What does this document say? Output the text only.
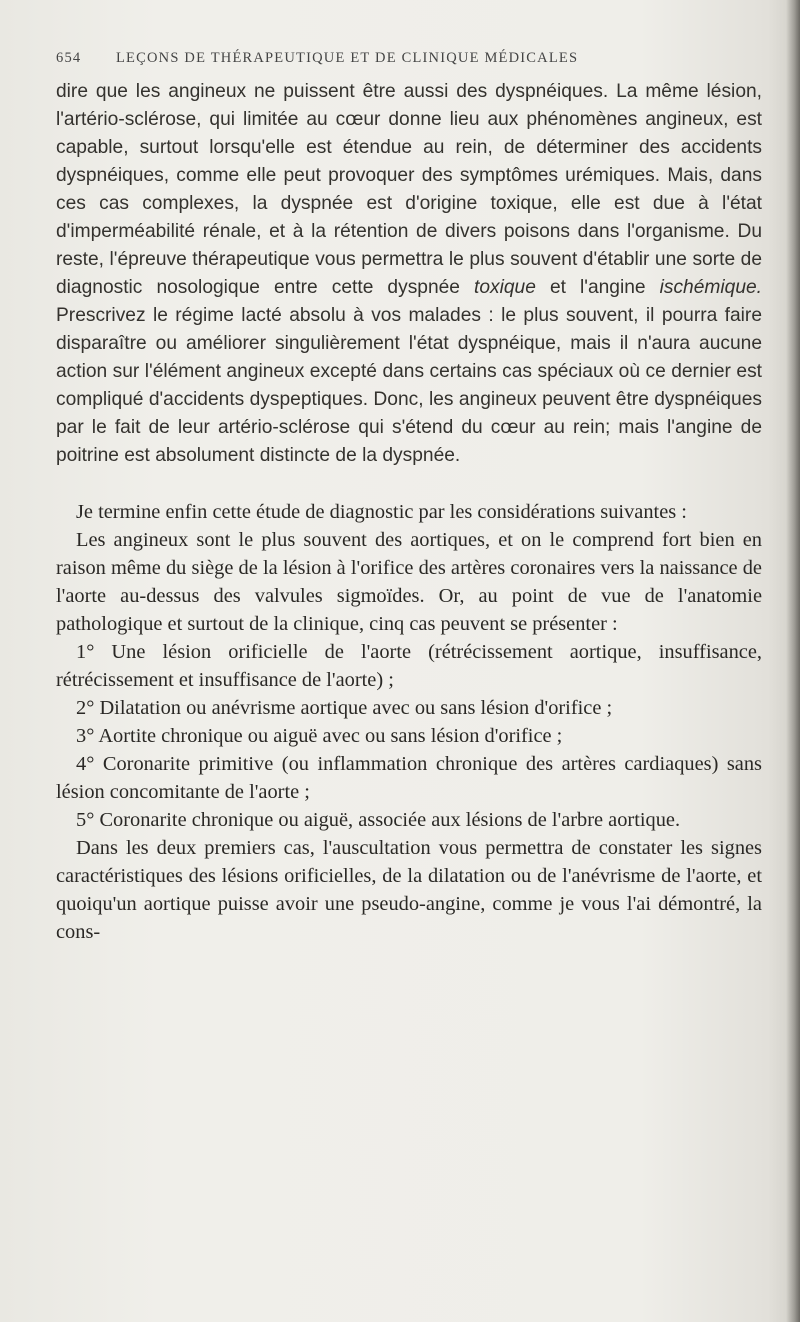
654 LEÇONS DE THÉRAPEUTIQUE ET DE CLINIQUE MÉDICALES

dire que les angineux ne puissent être aussi des dyspnéiques. La même lésion, l'artério-sclérose, qui limitée au cœur donne lieu aux phénomènes angineux, est capable, surtout lorsqu'elle est étendue au rein, de déterminer des accidents dyspnéiques, comme elle peut provoquer des symptômes urémiques. Mais, dans ces cas complexes, la dyspnée est d'origine toxique, elle est due à l'état d'imperméabilité rénale, et à la rétention de divers poisons dans l'organisme. Du reste, l'épreuve thérapeutique vous permettra le plus souvent d'établir une sorte de diagnostic nosologique entre cette dyspnée toxique et l'angine ischémique. Prescrivez le régime lacté absolu à vos malades : le plus souvent, il pourra faire disparaître ou améliorer singulièrement l'état dyspnéique, mais il n'aura aucune action sur l'élément angineux excepté dans certains cas spéciaux où ce dernier est compliqué d'accidents dyspeptiques. Donc, les angineux peuvent être dyspnéiques par le fait de leur artério-sclérose qui s'étend du cœur au rein; mais l'angine de poitrine est absolument distincte de la dyspnée.

Je termine enfin cette étude de diagnostic par les considérations suivantes :

Les angineux sont le plus souvent des aortiques, et on le comprend fort bien en raison même du siège de la lésion à l'orifice des artères coronaires vers la naissance de l'aorte au-dessus des valvules sigmoïdes. Or, au point de vue de l'anatomie pathologique et surtout de la clinique, cinq cas peuvent se présenter :

1° Une lésion orificielle de l'aorte (rétrécissement aortique, insuffisance, rétrécissement et insuffisance de l'aorte) ;

2° Dilatation ou anévrisme aortique avec ou sans lésion d'orifice ;

3° Aortite chronique ou aiguë avec ou sans lésion d'orifice ;

4° Coronarite primitive (ou inflammation chronique des artères cardiaques) sans lésion concomitante de l'aorte ;

5° Coronarite chronique ou aiguë, associée aux lésions de l'arbre aortique.

Dans les deux premiers cas, l'auscultation vous permettra de constater les signes caractéristiques des lésions orificielles, de la dilatation ou de l'anévrisme de l'aorte, et quoiqu'un aortique puisse avoir une pseudo-angine, comme je vous l'ai démontré, la cons-
